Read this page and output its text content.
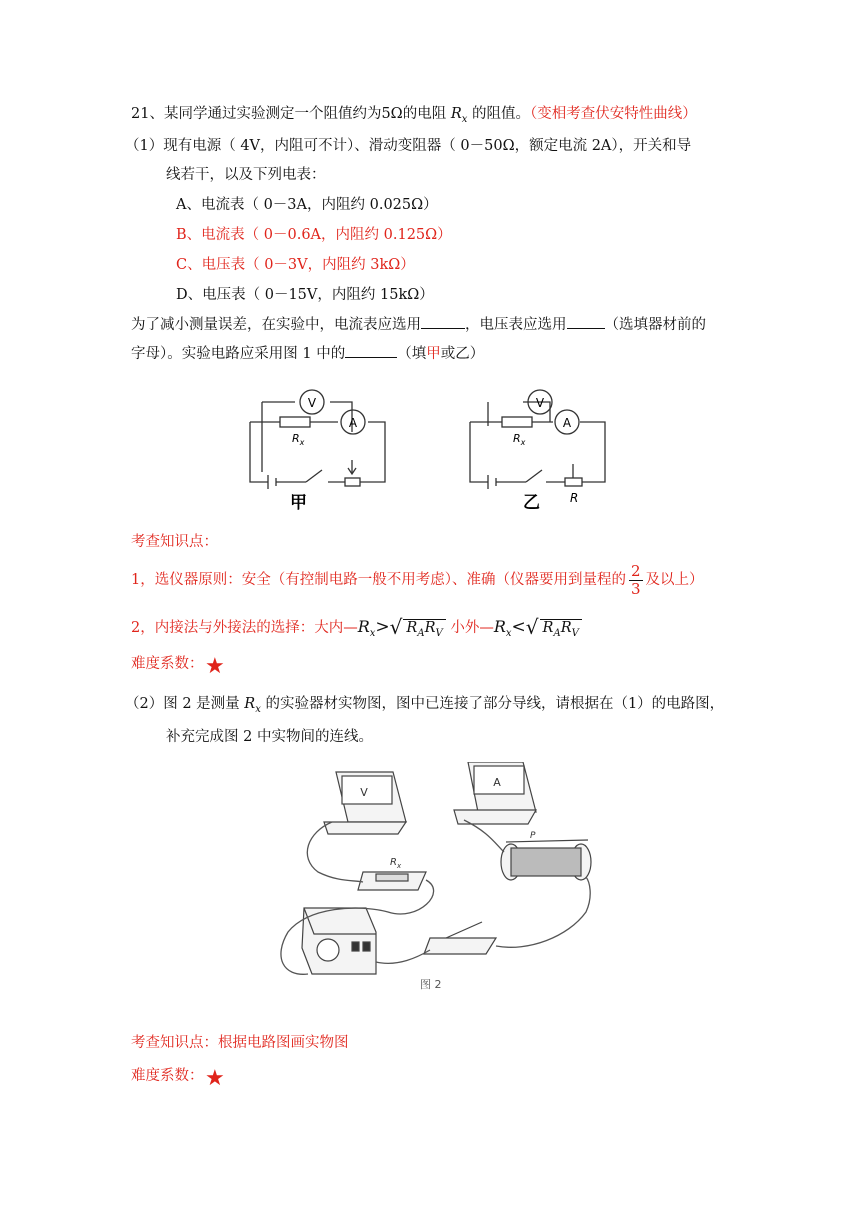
21、某同学通过实验测定一个阻值约为5Ω的电阻 $R_x$ 的阻值。（变相考查伏安特性曲线）
（1）现有电源（ 4V，内阻可不计）、滑动变阻器（ 0－50Ω，额定电流 2A），开关和导
线若干，以及下列电表：
A、电流表（ 0－3A，内阻约 0.025Ω）
B、电流表（ 0－0.6A，内阻约 0.125Ω）
C、电压表（ 0－3V，内阻约 3kΩ）
D、电压表（ 0－15V，内阻约 15kΩ）
为了减小测量误差，在实验中，电流表应选用	，电压表应选用	（选填器材前的
字母）。实验电路应采用图 1 中的	（填甲或乙）
V
A
$R_x$
V
A
$R_x$
R
甲	乙
考查知识点：
1，选仪器原则：安全（有控制电路一般不用考虑）、准确（仪器要用到量程的 $\frac{2}{3}$ 及以上）
2，内接法与外接法的选择：大内$—R_x>√$ $R_AR_V$ 小外$—R_x<√$ $R_AR_V$
难度系数： ★
（2）图 2 是测量 $R_x$ 的实验器材实物图，图中已连接了部分导线，请根据在（1）的电路图，
补充完成图 2 中实物间的连线。
V
A
$R_x$
P
图 2
考查知识点：根据电路图画实物图
难度系数： ★
